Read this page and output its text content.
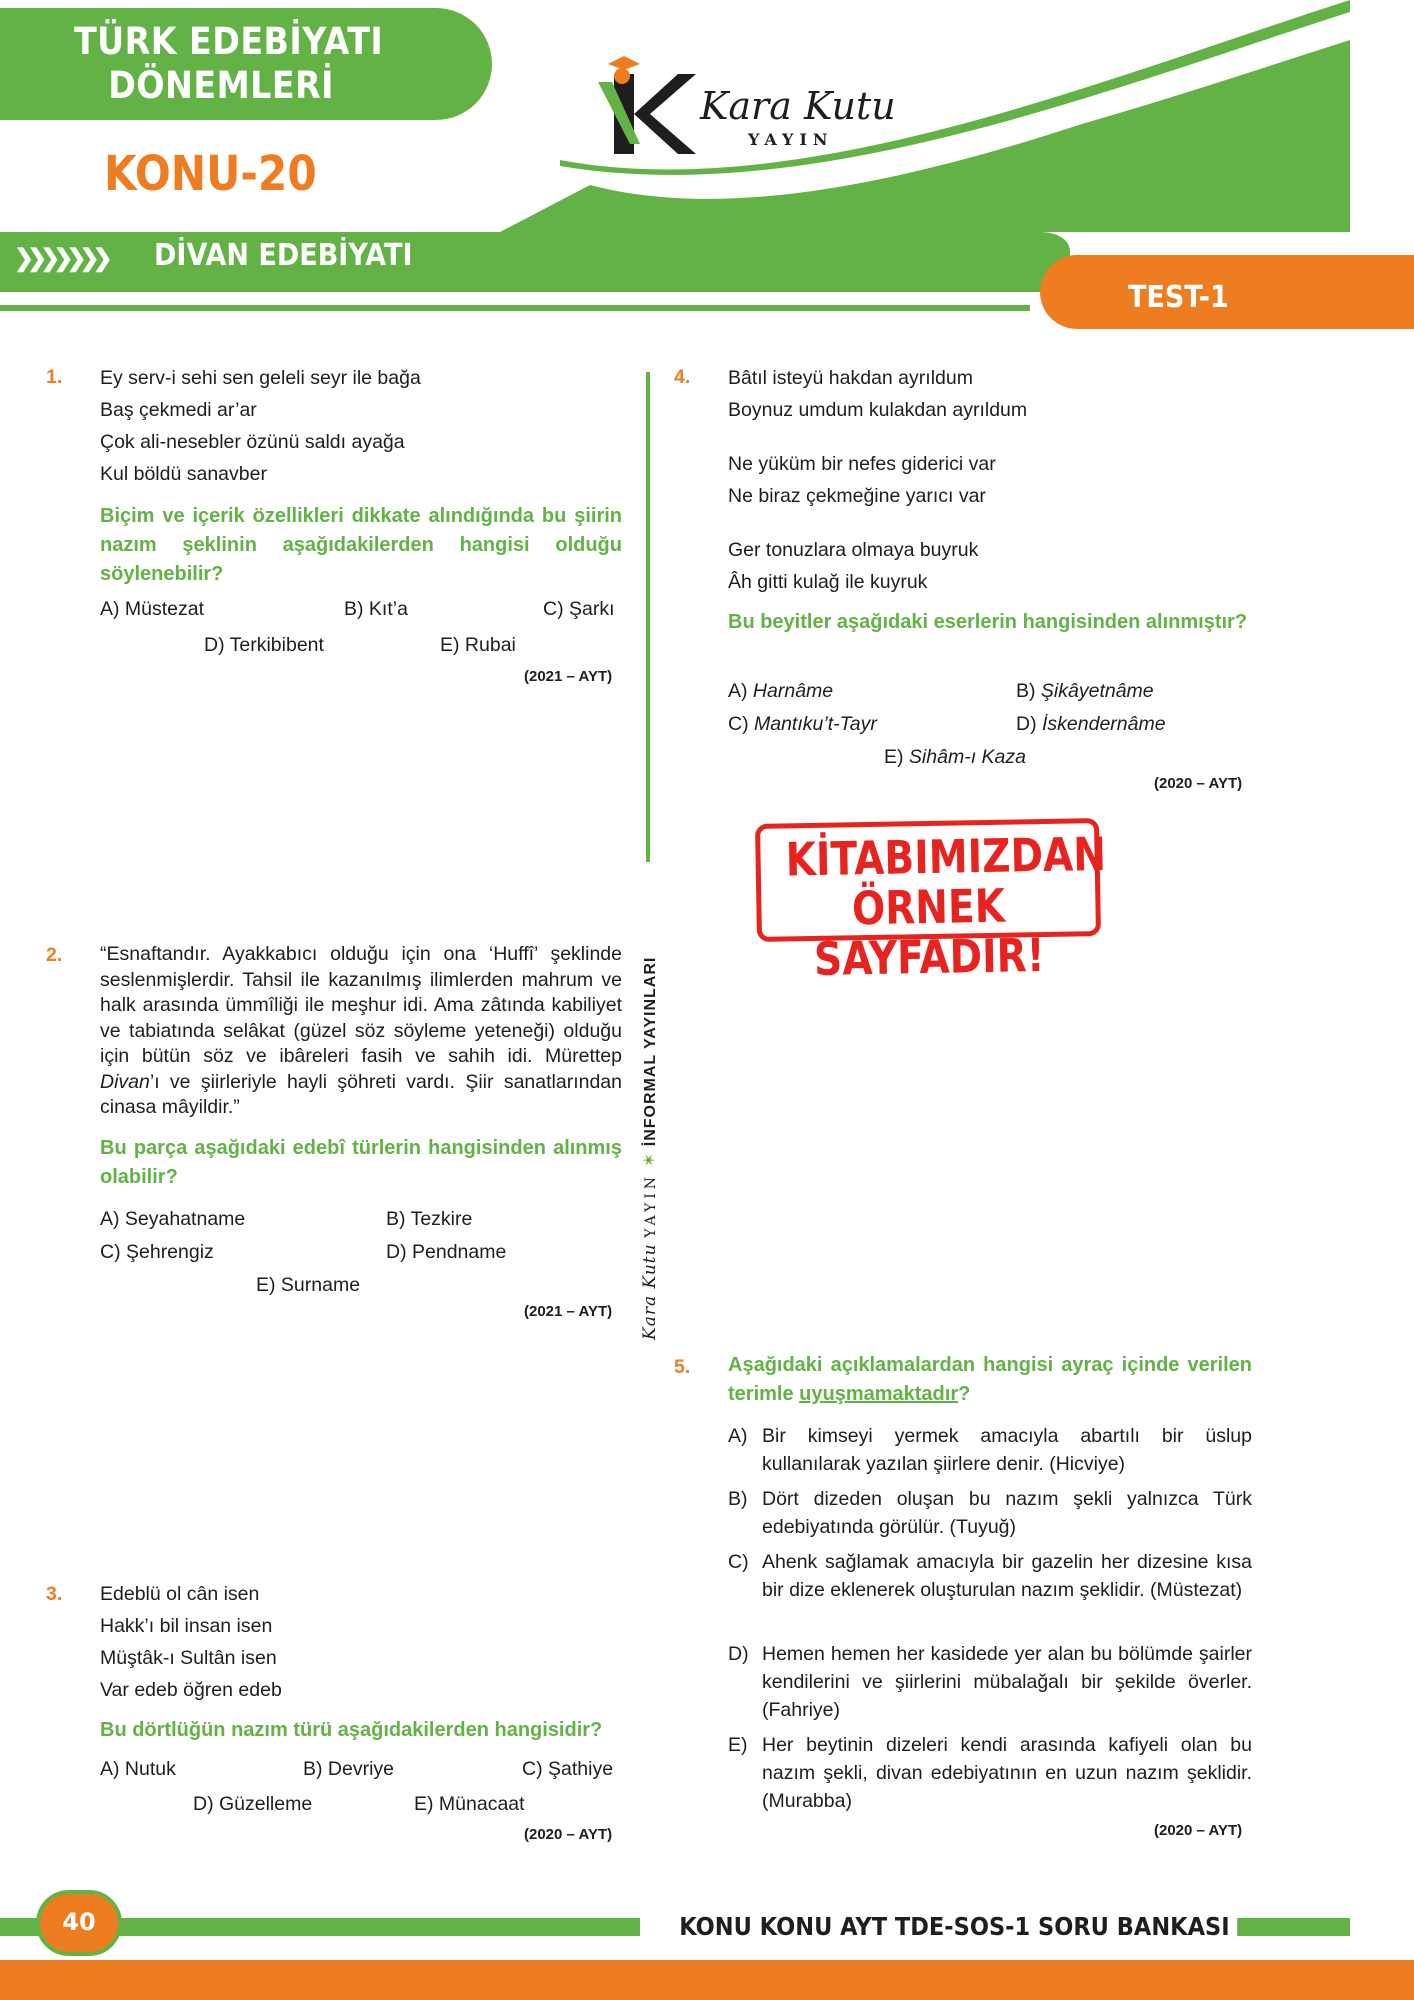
TÜRK EDEBİYATI
DÖNEMLERİ
KONU-20
Kara Kutu
YAYIN
❯❯❯❯❯❯❯ DİVAN EDEBİYATI
TEST-1
1. Ey serv-i sehi sen geleli seyr ile bağa
Baş çekmedi ar’ar
Çok ali-nesebler özünü saldı ayağa
Kul böldü sanavber
Biçim ve içerik özellikleri dikkate alındığında bu şiirin nazım şeklinin aşağıdakilerden hangisi olduğu söylenebilir?
A) Müstezat	B) Kıt’a	C) Şarkı
D) Terkibibent	E) Rubai
(2021 – AYT)
2. “Esnaftandır. Ayakkabıcı olduğu için ona ‘Huffî’ şeklinde seslenmişlerdir. Tahsil ile kazanılmış ilimlerden mahrum ve halk arasında ümmîliği ile meşhur idi. Ama zâtında kabiliyet ve tabiatında selâkat (güzel söz söyleme yeteneği) olduğu için bütün söz ve ibâreleri fasih ve sahih idi. Mürettep Divan’ı ve şiirleriyle hayli şöhreti vardı. Şiir sanatlarından cinasa mâyildir.”
Bu parça aşağıdaki edebî türlerin hangisinden alınmış olabilir?
A) Seyahatname	B) Tezkire
C) Şehrengiz	D) Pendname
E) Surname
(2021 – AYT)
3. Edeblü ol cân isen
Hakk’ı bil insan isen
Müştâk-ı Sultân isen
Var edeb öğren edeb
Bu dörtlüğün nazım türü aşağıdakilerden hangisidir?
A) Nutuk	B) Devriye	C) Şathiye
D) Güzelleme	E) Münacaat
(2020 – AYT)
Kara Kutu YAYIN ✶ İNFORMAL YAYINLARI
4. Bâtıl isteyü hakdan ayrıldum
Boynuz umdum kulakdan ayrıldum
Ne yüküm bir nefes giderici var
Ne biraz çekmeğine yarıcı var
Ger tonuzlara olmaya buyruk
Âh gitti kulağ ile kuyruk
Bu beyitler aşağıdaki eserlerin hangisinden alınmıştır?
A) Harnâme	B) Şikâyetnâme
C) Mantıku’t-Tayr	D) İskendernâme
E) Sihâm-ı Kaza
(2020 – AYT)
KİTABIMIZDAN
ÖRNEK SAYFADIR!
5. Aşağıdaki açıklamalardan hangisi ayraç içinde verilen terimle uyuşmamaktadır?
A) Bir kimseyi yermek amacıyla abartılı bir üslup kullanılarak yazılan şiirlere denir. (Hicviye)
B) Dört dizeden oluşan bu nazım şekli yalnızca Türk edebiyatında görülür. (Tuyuğ)
C) Ahenk sağlamak amacıyla bir gazelin her dizesine kısa bir dize eklenerek oluşturulan nazım şeklidir. (Müstezat)
D) Hemen hemen her kasidede yer alan bu bölümde şairler kendilerini ve şiirlerini mübalağalı bir şekilde överler. (Fahriye)
E) Her beytinin dizeleri kendi arasında kafiyeli olan bu nazım şekli, divan edebiyatının en uzun nazım şeklidir. (Murabba)
(2020 – AYT)
KONU KONU AYT TDE-SOS-1 SORU BANKASI
40
